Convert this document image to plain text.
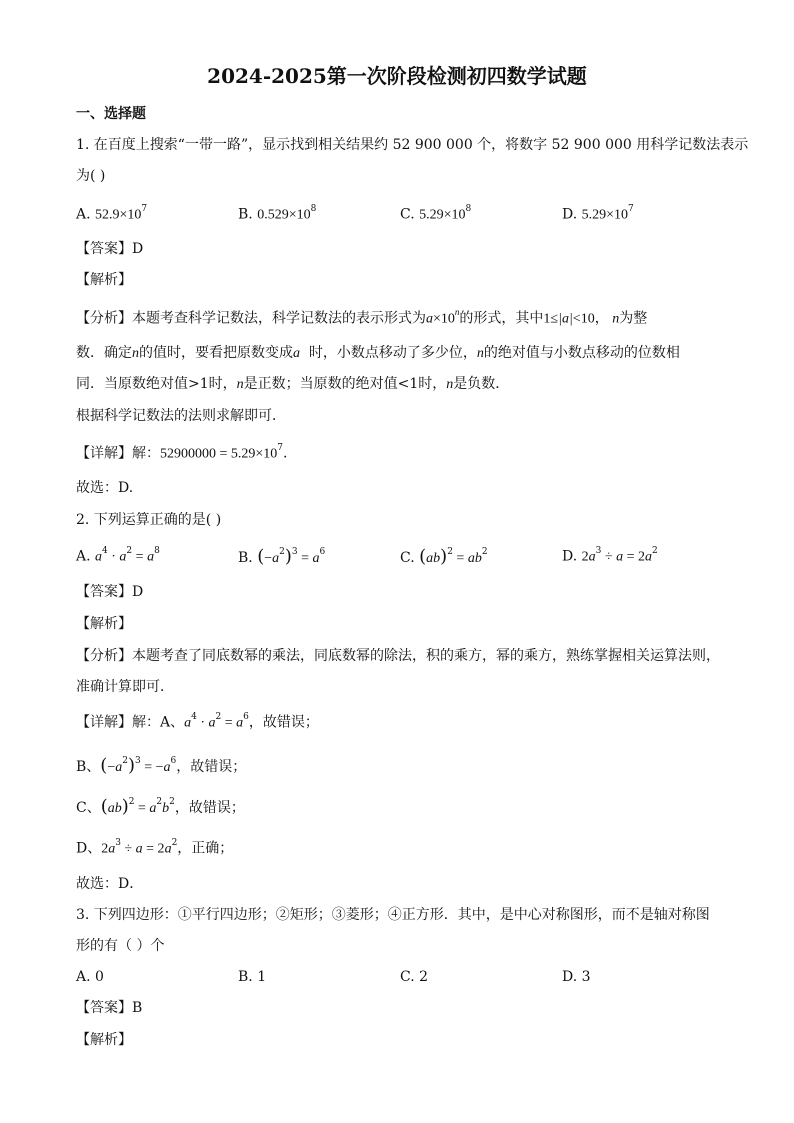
2024-2025第一次阶段检测初四数学试题
一、选择题
1. 在百度上搜索“一带一路”，显示找到相关结果约 52 900 000 个，将数字 52 900 000 用科学记数法表示
为( )
A. $52.9\times 10^7$	B. $0.529\times 10^8$	C. $5.29\times 10^8$	D. $5.29\times 10^7$
【答案】D
【解析】
【分析】本题考查科学记数法，科学记数法的表示形式为$a\times 10^n$的形式，其中1≤|a|<10， n为整
数．确定n的值时，要看把原数变成a 时，小数点移动了多少位，n的绝对值与小数点移动的位数相
同．当原数绝对值>1时，n是正数；当原数的绝对值<1时，n是负数．
根据科学记数法的法则求解即可．
【详解】解：$52900000 = 5.29\times 10^7$.
故选：D.
2. 下列运算正确的是( )
A. $a^4 \cdot a^2 = a^8$	B. $(-a^2)^3 = a^6$	C. $(ab)^2 = ab^2$	D. $2a^3 \div a = 2a^2$
【答案】D
【解析】
【分析】本题考查了同底数幂的乘法，同底数幂的除法，积的乘方，幂的乘方，熟练掌握相关运算法则，
准确计算即可．
【详解】解：A、$a^4 \cdot a^2 = a^6$，故错误；
B、$(-a^2)^3 = -a^6$，故错误；
C、$(ab)^2 = a^2b^2$，故错误；
D、$2a^3 \div a = 2a^2$，正确；
故选：D．
3. 下列四边形：①平行四边形；②矩形；③菱形；④正方形．其中，是中心对称图形，而不是轴对称图
形的有（ ）个
A. 0	B. 1	C. 2	D. 3
【答案】B
【解析】
